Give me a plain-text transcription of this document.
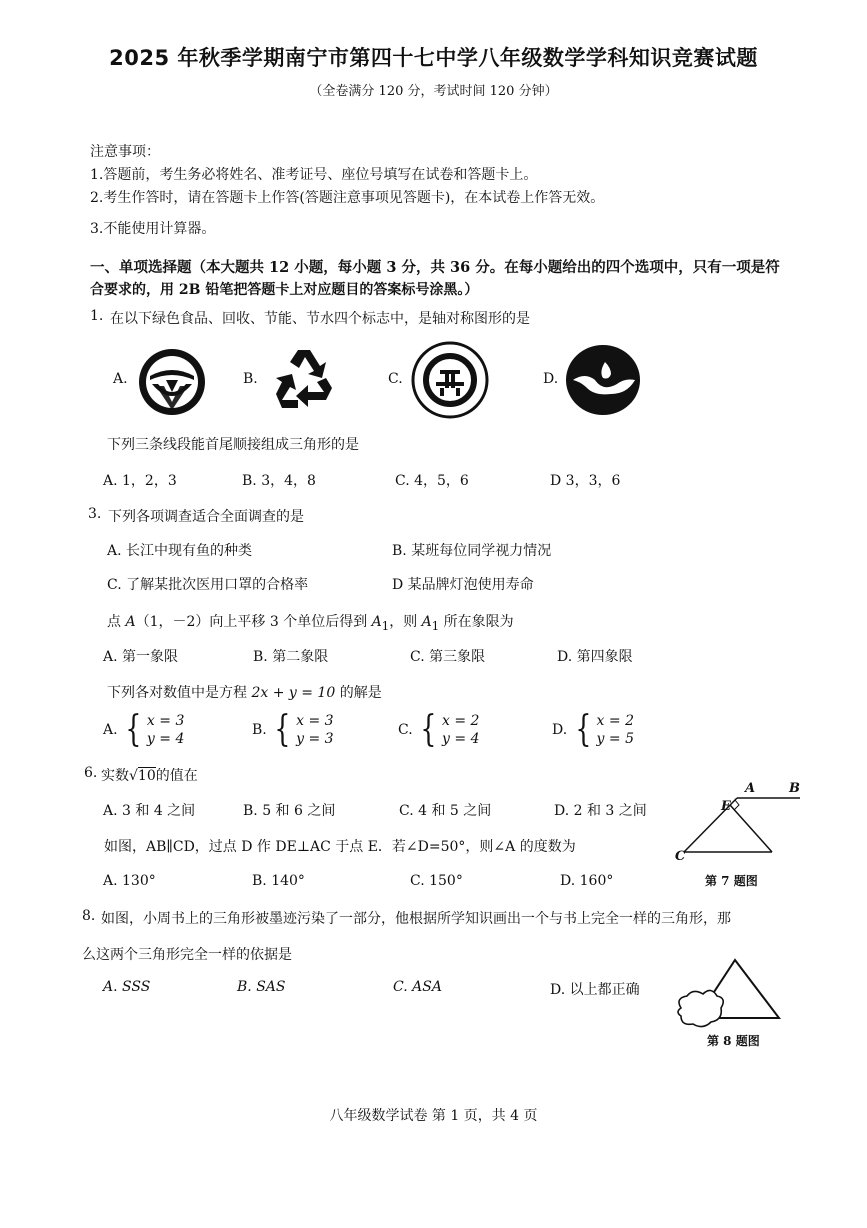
2025 年秋季学期南宁市第四十七中学八年级数学学科知识竞赛试题
（全卷满分 120 分，考试时间 120 分钟）
注意事项：
1.答题前，考生务必将姓名、准考证号、座位号填写在试卷和答题卡上。
2.考生作答时，请在答题卡上作答(答题注意事项见答题卡)，在本试卷上作答无效。
3.不能使用计算器。
一、单项选择题（本大题共 12 小题，每小题 3 分，共 36 分。在每小题给出的四个选项中，只有一项是符
合要求的，用 2B 铅笔把答题卡上对应题目的答案标号涂黑。）
1. 在以下绿色食品、回收、节能、节水四个标志中，是轴对称图形的是
A.	B.	C.	D.
下列三条线段能首尾顺接组成三角形的是
A. 1，2，3	B. 3，4，8	C. 4，5，6	D 3，3，6
3. 下列各项调查适合全面调查的是
A. 长江中现有鱼的种类	B. 某班每位同学视力情况
C. 了解某批次医用口罩的合格率	D 某品牌灯泡使用寿命
点 A（1，－2）向上平移 3 个单位后得到 $A_1$，则 $A_1$ 所在象限为
A. 第一象限	B. 第二象限	C. 第三象限	D. 第四象限
下列各对数值中是方程 2x + y = 10 的解是
A. { x = 3
y = 4
B. { x = 3
y = 3
C. { x = 2
y = 4
D. { x = 2
y = 5
6. 实数√10的值在
A. 3 和 4 之间	B. 5 和 6 之间	C. 4 和 5 之间	D. 2 和 3 之间
如图，AB∥CD，过点 D 作 DE⊥AC 于点 E．若∠D=50°，则∠A 的度数为
A. 130°	B. 140°	C. 150°	D. 160°
A	B
E
C
第 7 题图
8. 如图，小周书上的三角形被墨迹污染了一部分，他根据所学知识画出一个与书上完全一样的三角形，那
么这两个三角形完全一样的依据是
A. SSS	B. SAS	C. ASA	D. 以上都正确
第 8 题图
八年级数学试卷 第 1 页，共 4 页
